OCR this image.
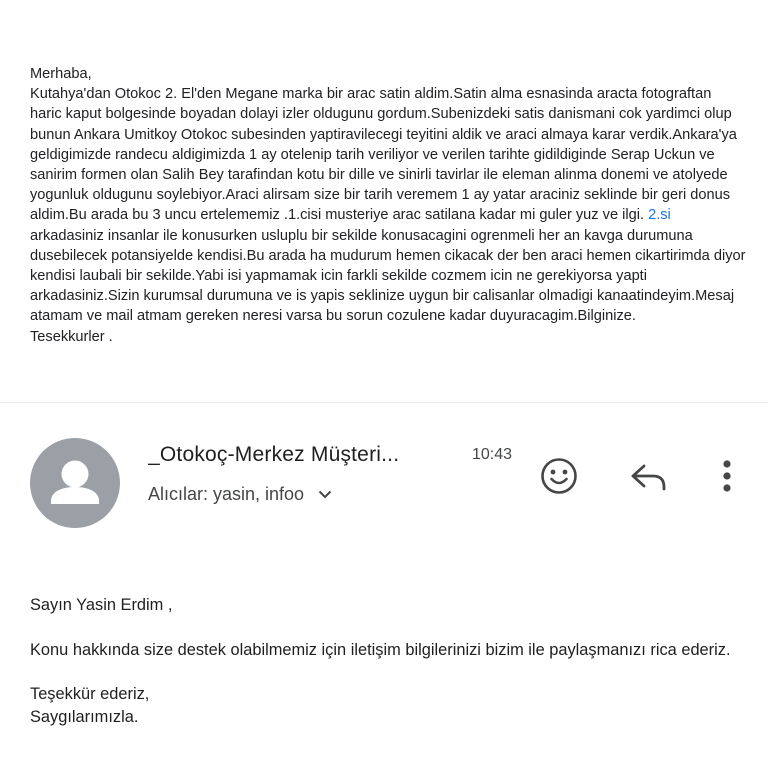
Merhaba,

Kutahya'dan Otokoc 2. El'den Megane marka bir arac satin aldim.Satin alma esnasinda aracta fotograftan haric kaput bolgesinde boyadan dolayi izler oldugunu gordum.Subenizdeki satis danismani cok yardimci olup bunun Ankara Umitkoy Otokoc subesinden yaptiravilecegi teyitini aldik ve araci almaya karar verdik.Ankara'ya geldigimizde randecu aldigimizda 1 ay otelenip tarih veriliyor ve verilen tarihte gidildiginde Serap Uckun ve sanirim formen olan Salih Bey tarafindan kotu bir dille ve sinirli tavirlar ile eleman alinma donemi ve atolyede yogunluk oldugunu soylebiyor.Araci alirsam size bir tarih veremem 1 ay yatar araciniz seklinde bir geri donus aldim.Bu arada bu 3 uncu ertelememiz .1.cisi musteriye arac satilana kadar mi guler yuz ve ilgi. 2.si arkadasiniz insanlar ile konusurken usluplu bir sekilde konusacagini ogrenmeli her an kavga durumuna dusebilecek potansiyelde kendisi.Bu arada ha mudurum hemen cikacak der ben araci hemen cikartirimda diyor kendisi laubali bir sekilde.Yabi isi yapmamak icin farkli sekilde cozmem icin ne gerekiyorsa yapti arkadasiniz.Sizin kurumsal durumuna ve is yapis seklinize uygun bir calisanlar olmadigi kanaatindeyim.Mesaj atamam ve mail atmam gereken neresi varsa bu sorun cozulene kadar duyuracagim.Bilginize.

Tesekkurler .

_Otokoç-Merkez Müşteri...	10:43
Alıcılar: yasin, infoo

Sayın Yasin Erdim ,

Konu hakkında size destek olabilmemiz için iletişim bilgilerinizi bizim ile paylaşmanızı rica ederiz.

Teşekkür ederiz,

Saygılarımızla.
